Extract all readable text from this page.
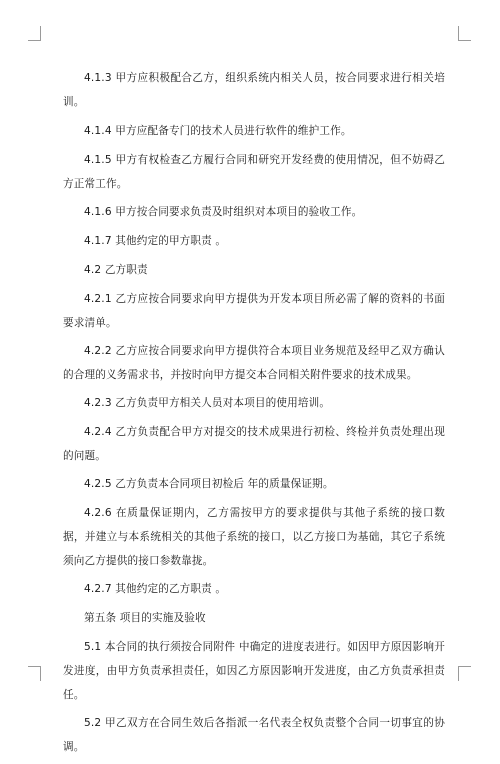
4.1.3 甲方应积极配合乙方，组织系统内相关人员，按合同要求进行相关培训。

4.1.4 甲方应配备专门的技术人员进行软件的维护工作。

4.1.5 甲方有权检查乙方履行合同和研究开发经费的使用情况，但不妨碍乙方正常工作。

4.1.6 甲方按合同要求负责及时组织对本项目的验收工作。

4.1.7 其他约定的甲方职责 。

4.2 乙方职责

4.2.1 乙方应按合同要求向甲方提供为开发本项目所必需了解的资料的书面要求清单。

4.2.2 乙方应按合同要求向甲方提供符合本项目业务规范及经甲乙双方确认的合理的义务需求书，并按时向甲方提交本合同相关附件要求的技术成果。

4.2.3 乙方负责甲方相关人员对本项目的使用培训。

4.2.4 乙方负责配合甲方对提交的技术成果进行初检、终检并负责处理出现的问题。

4.2.5 乙方负责本合同项目初检后 年的质量保证期。

4.2.6 在质量保证期内，乙方需按甲方的要求提供与其他子系统的接口数据，并建立与本系统相关的其他子系统的接口，以乙方接口为基础，其它子系统须向乙方提供的接口参数靠拢。

4.2.7 其他约定的乙方职责 。

第五条 项目的实施及验收

5.1 本合同的执行须按合同附件 中确定的进度表进行。如因甲方原因影响开发进度，由甲方负责承担责任，如因乙方原因影响开发进度，由乙方负责承担责任。

5.2 甲乙双方在合同生效后各指派一名代表全权负责整个合同一切事宜的协调。
